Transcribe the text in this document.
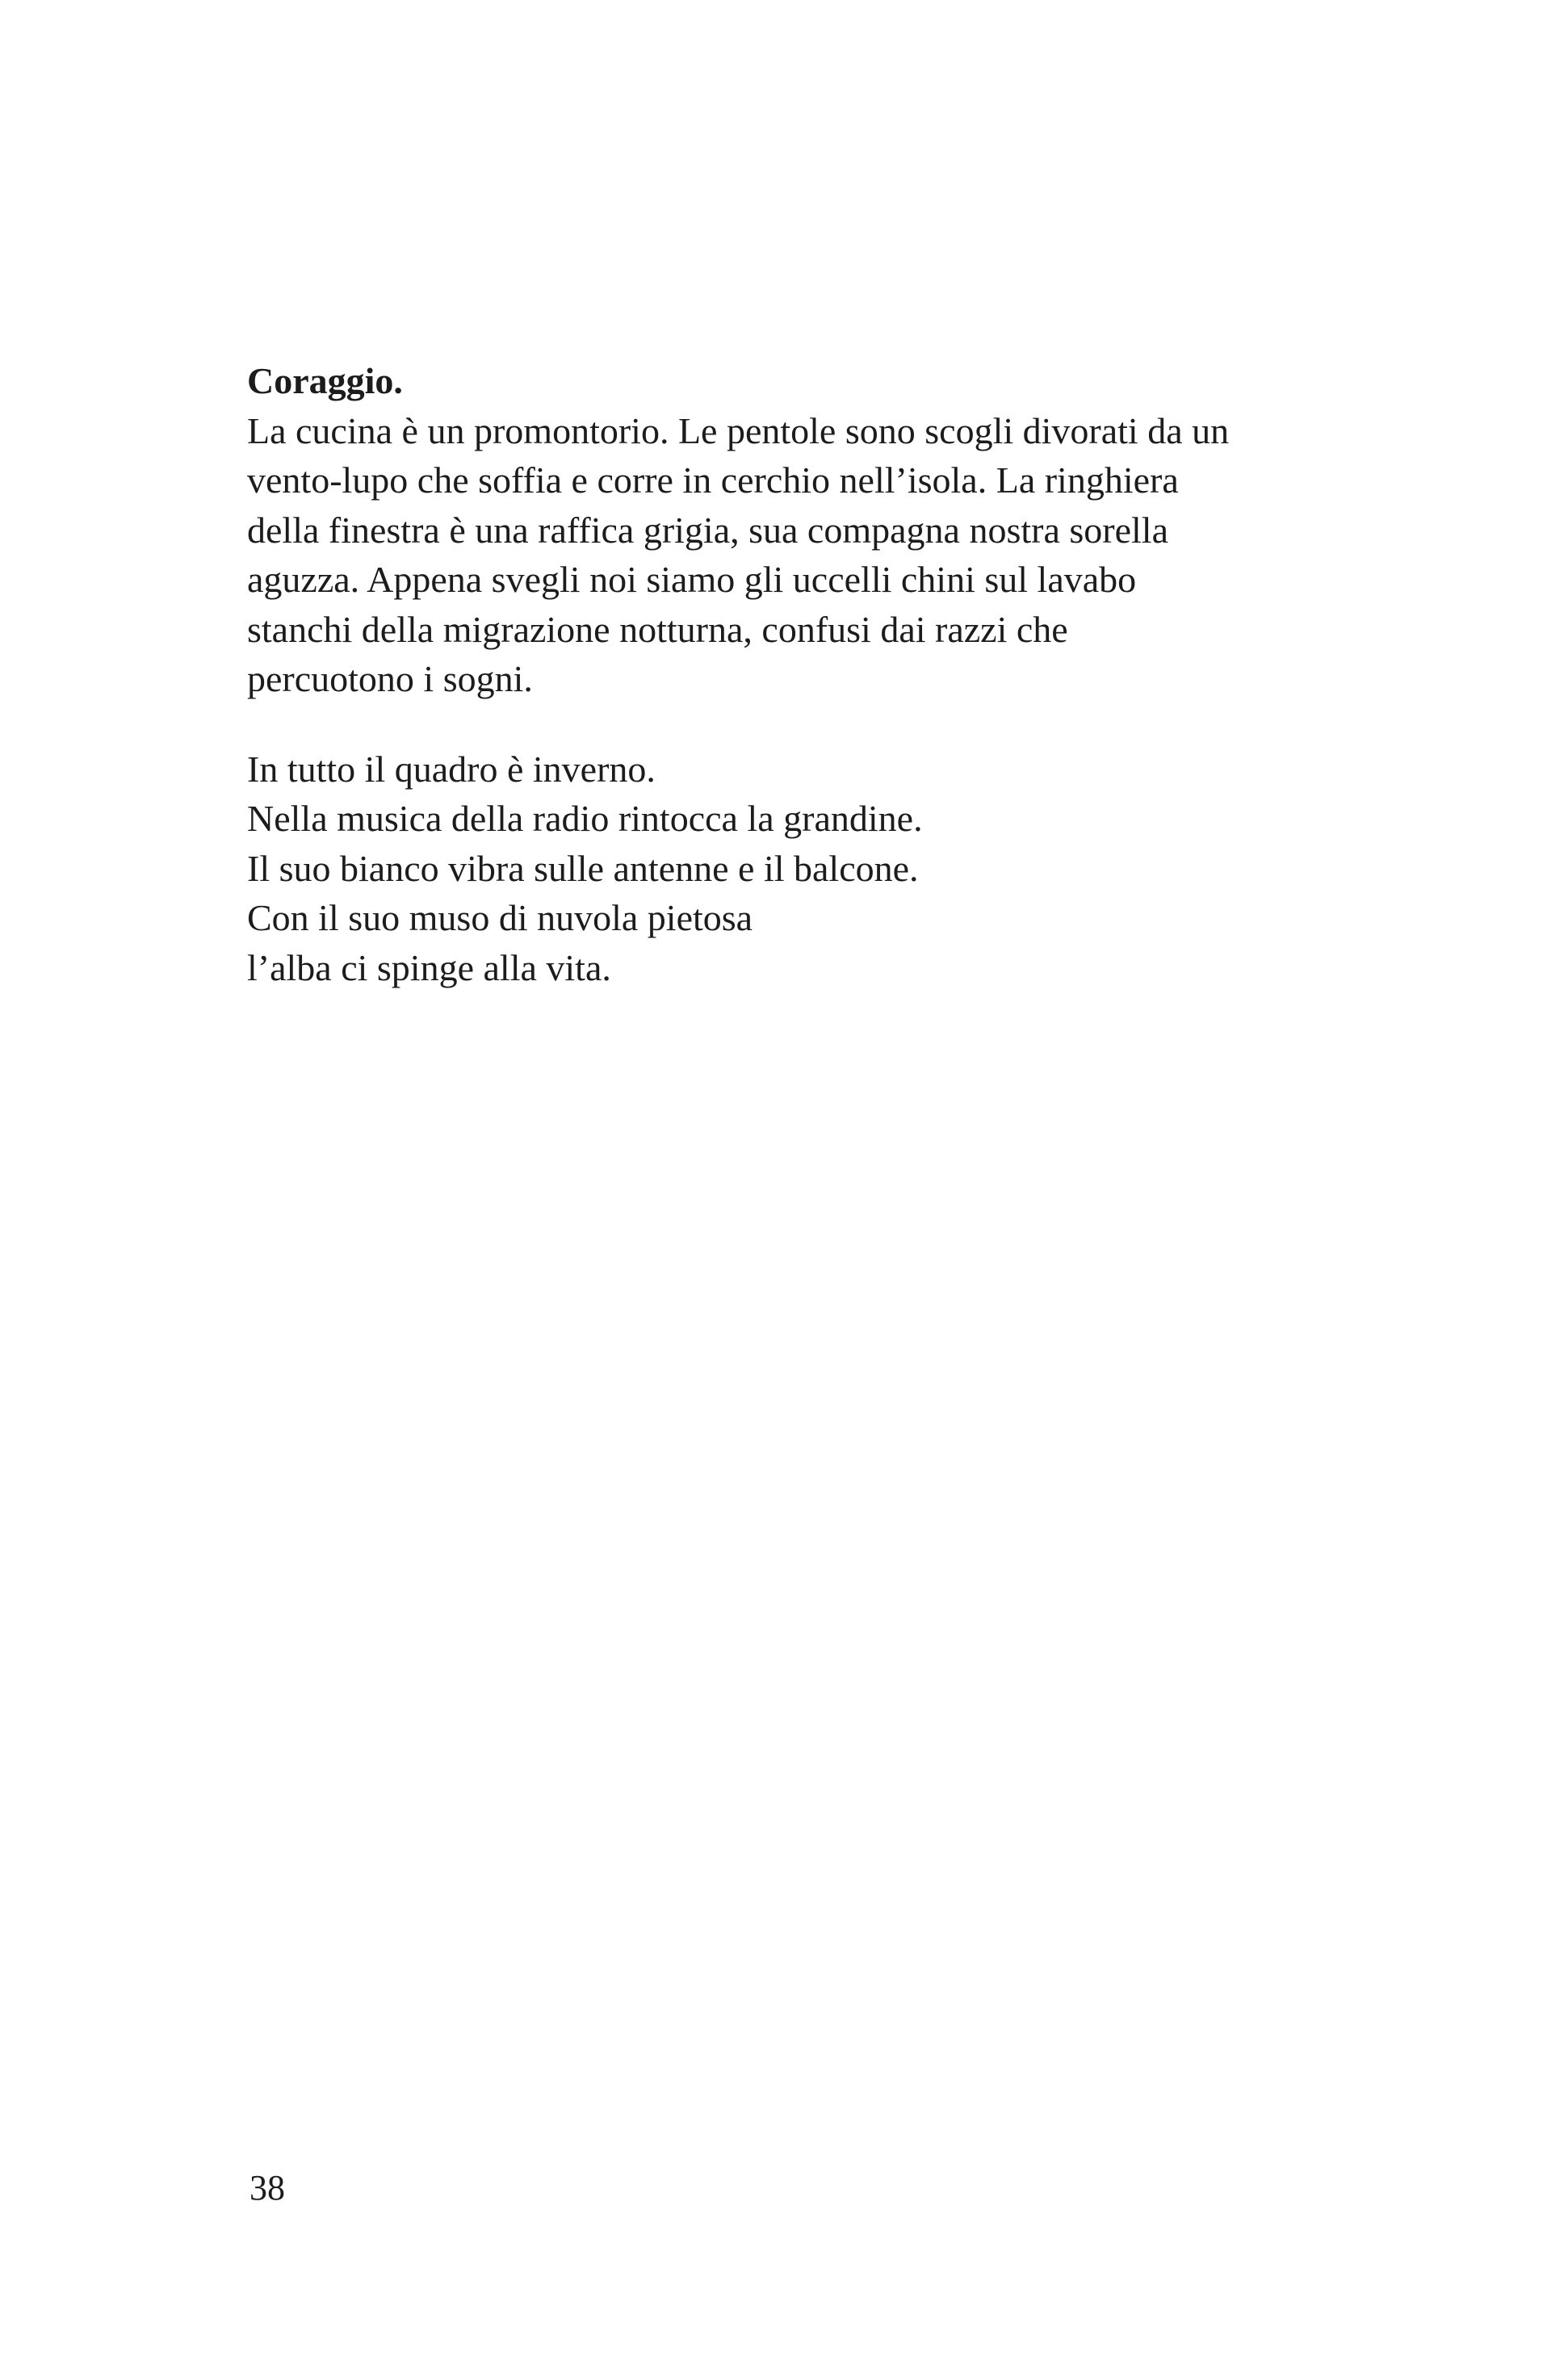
Coraggio.
La cucina è un promontorio. Le pentole sono scogli divorati da un
vento-lupo che soffia e corre in cerchio nell’isola. La ringhiera
della finestra è una raffica grigia, sua compagna nostra sorella
aguzza. Appena svegli noi siamo gli uccelli chini sul lavabo
stanchi della migrazione notturna, confusi dai razzi che
percuotono i sogni.
In tutto il quadro è inverno.
Nella musica della radio rintocca la grandine.
Il suo bianco vibra sulle antenne e il balcone.
Con il suo muso di nuvola pietosa
l’alba ci spinge alla vita.
38
